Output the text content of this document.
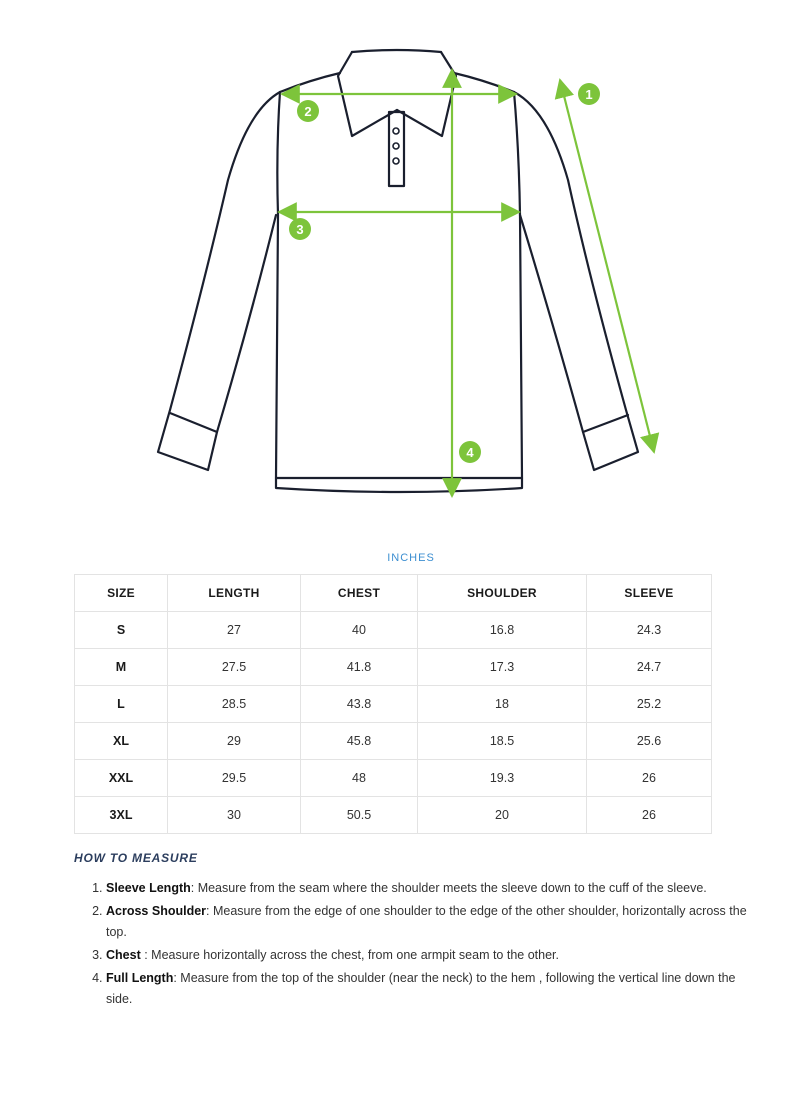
1
2
3
4
INCHES
SIZE	LENGTH	CHEST	SHOULDER	SLEEVE
S	27	40	16.8	24.3
M	27.5	41.8	17.3	24.7
L	28.5	43.8	18	25.2
XL	29	45.8	18.5	25.6
XXL	29.5	48	19.3	26
3XL	30	50.5	20	26
HOW TO MEASURE
1. Sleeve Length: Measure from the seam where the shoulder meets the sleeve down to the cuff of the sleeve.
2. Across Shoulder: Measure from the edge of one shoulder to the edge of the other shoulder, horizontally across the top.
3. Chest : Measure horizontally across the chest, from one armpit seam to the other.
4. Full Length: Measure from the top of the shoulder (near the neck) to the hem , following the vertical line down the side.
